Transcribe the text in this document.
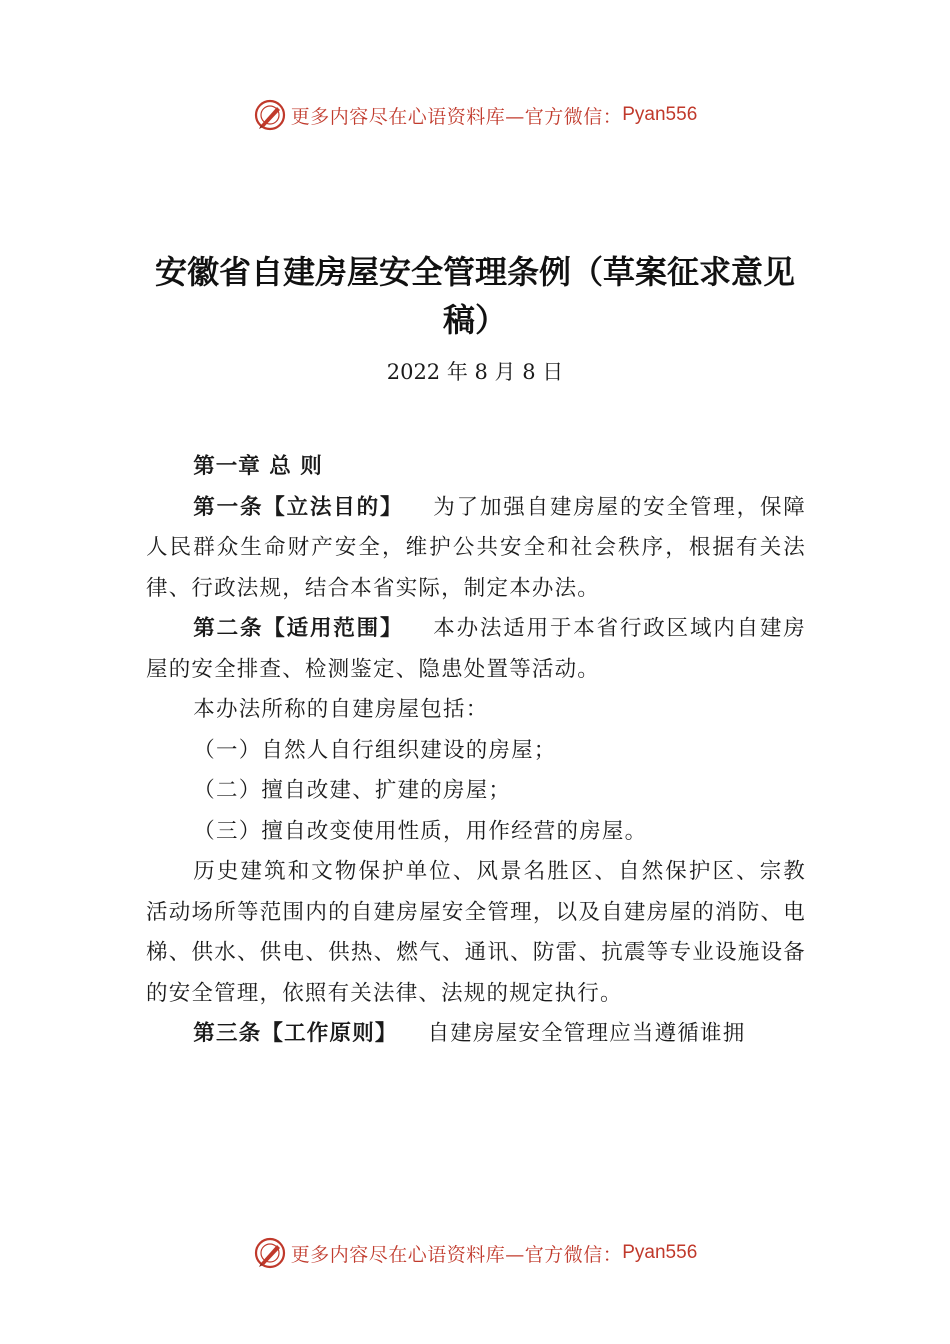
更多内容尽在心语资料库—官方微信： Pyan556
安徽省自建房屋安全管理条例（草案征求意见稿）
2022 年 8 月 8 日

第一章 总 则

第一条【立法目的】 为了加强自建房屋的安全管理，保障人民群众生命财产安全，维护公共安全和社会秩序，根据有关法律、行政法规，结合本省实际，制定本办法。

第二条【适用范围】 本办法适用于本省行政区域内自建房屋的安全排查、检测鉴定、隐患处置等活动。

本办法所称的自建房屋包括：

（一）自然人自行组织建设的房屋；

（二）擅自改建、扩建的房屋；

（三）擅自改变使用性质，用作经营的房屋。

历史建筑和文物保护单位、风景名胜区、自然保护区、宗教活动场所等范围内的自建房屋安全管理，以及自建房屋的消防、电梯、供水、供电、供热、燃气、通讯、防雷、抗震等专业设施设备的安全管理，依照有关法律、法规的规定执行。

第三条【工作原则】 自建房屋安全管理应当遵循谁拥

更多内容尽在心语资料库—官方微信： Pyan556
